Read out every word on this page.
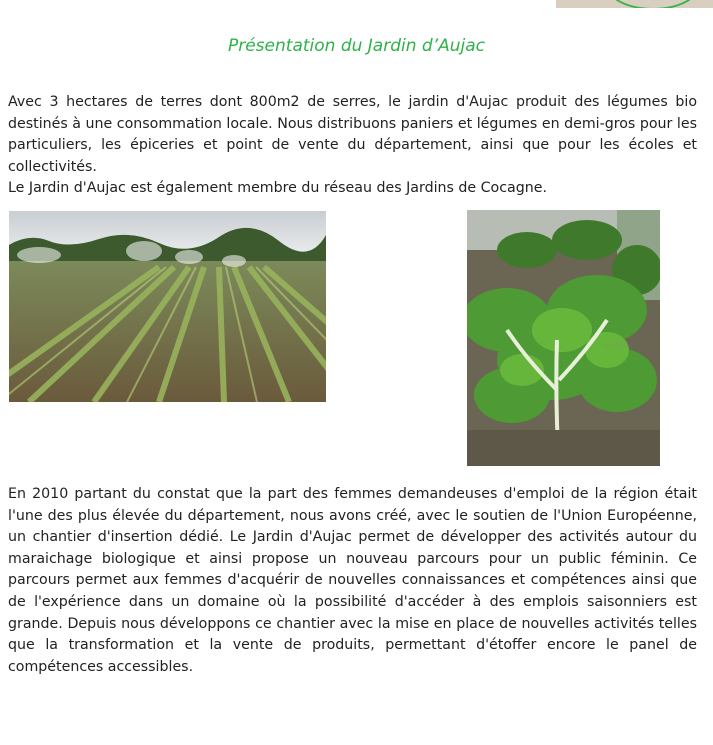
Présentation du Jardin d’Aujac

Avec 3 hectares de terres dont 800m2 de serres, le jardin d'Aujac produit des légumes bio destinés à une consommation locale. Nous distribuons paniers et légumes en demi-gros pour les particuliers, les épiceries et point de vente du département, ainsi que pour les écoles et collectivités.

Le Jardin d'Aujac est également membre du réseau des Jardins de Cocagne.

En 2010 partant du constat que la part des femmes demandeuses d'emploi de la région était l'une des plus élevée du département, nous avons créé, avec le soutien de l'Union Européenne, un chantier d'insertion dédié. Le Jardin d'Aujac permet de développer des activités autour du maraichage biologique et ainsi propose un nouveau parcours pour un public féminin. Ce parcours permet aux femmes d'acquérir de nouvelles connaissances et compétences ainsi que de l'expérience dans un domaine où la possibilité d'accéder à des emplois saisonniers est grande. Depuis nous développons ce chantier avec la mise en place de nouvelles activités telles que la transformation et la vente de produits, permettant d'étoffer encore le panel de compétences accessibles.
